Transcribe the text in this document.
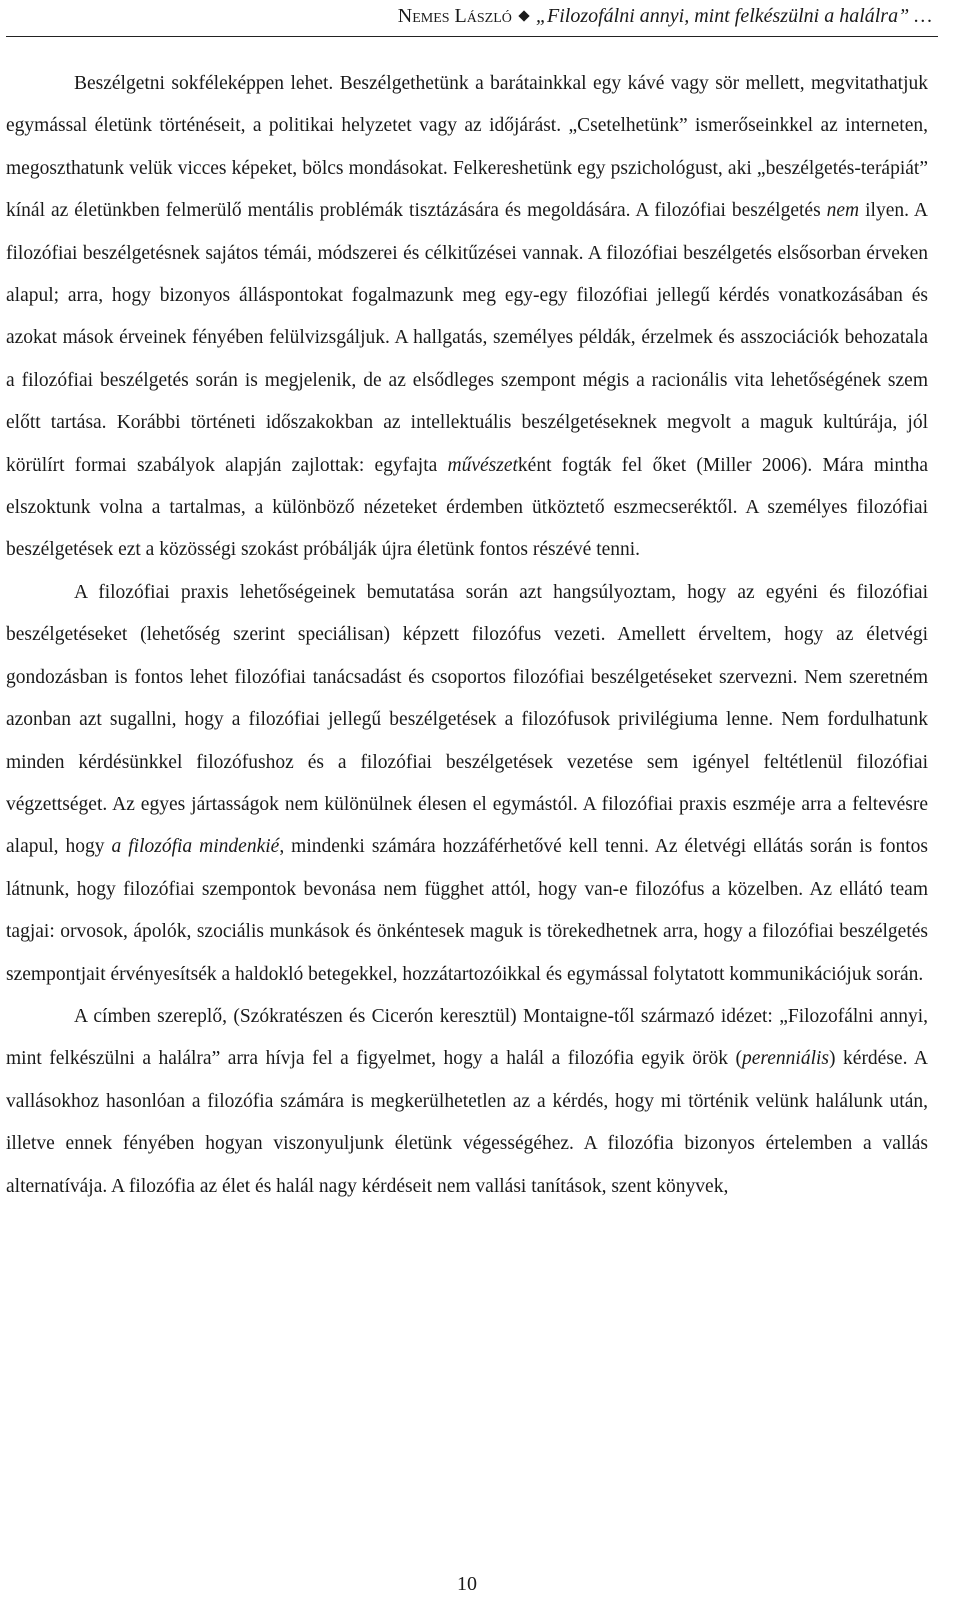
Nemes László „Filozofálni annyi, mint felkészülni a halálra” …

Beszélgetni sokféleképpen lehet. Beszélgethetünk a barátainkkal egy kávé vagy sör mellett, megvitathatjuk egymással életünk történéseit, a politikai helyzetet vagy az időjárást. „Csetelhetünk” ismerőseinkkel az interneten, megoszthatunk velük vicces képeket, bölcs mondásokat. Felkereshetünk egy pszichológust, aki „beszélgetés-terápiát” kínál az életünkben felmerülő mentális problémák tisztázására és megoldására. A filozófiai beszélgetés nem ilyen. A filozófiai beszélgetésnek sajátos témái, módszerei és célkitűzései vannak. A filozófiai beszélgetés elsősorban érveken alapul; arra, hogy bizonyos álláspontokat fogalmazunk meg egy-egy filozófiai jellegű kérdés vonatkozásában és azokat mások érveinek fényében felülvizsgáljuk. A hallgatás, személyes példák, érzelmek és asszociációk behozatala a filozófiai beszélgetés során is megjelenik, de az elsődleges szempont mégis a racionális vita lehetőségének szem előtt tartása. Korábbi történeti időszakokban az intellektuális beszélgetéseknek megvolt a maguk kultúrája, jól körülírt formai szabályok alapján zajlottak: egyfajta művészetként fogták fel őket (Miller 2006). Mára mintha elszoktunk volna a tartalmas, a különböző nézeteket érdemben ütköztető eszmecseréktől. A személyes filozófiai beszélgetések ezt a közösségi szokást próbálják újra életünk fontos részévé tenni.

A filozófiai praxis lehetőségeinek bemutatása során azt hangsúlyoztam, hogy az egyéni és filozófiai beszélgetéseket (lehetőség szerint speciálisan) képzett filozófus vezeti. Amellett érveltem, hogy az életvégi gondozásban is fontos lehet filozófiai tanácsadást és csoportos filozófiai beszélgetéseket szervezni. Nem szeretném azonban azt sugallni, hogy a filozófiai jellegű beszélgetések a filozófusok privilégiuma lenne. Nem fordulhatunk minden kérdésünkkel filozófushoz és a filozófiai beszélgetések vezetése sem igényel feltétlenül filozófiai végzettséget. Az egyes jártasságok nem különülnek élesen el egymástól. A filozófiai praxis eszméje arra a feltevésre alapul, hogy a filozófia mindenkié, mindenki számára hozzáférhetővé kell tenni. Az életvégi ellátás során is fontos látnunk, hogy filozófiai szempontok bevonása nem függhet attól, hogy van-e filozófus a közelben. Az ellátó team tagjai: orvosok, ápolók, szociális munkások és önkéntesek maguk is törekedhetnek arra, hogy a filozófiai beszélgetés szempontjait érvényesítsék a haldokló betegekkel, hozzátartozóikkal és egymással folytatott kommunikációjuk során.

A címben szereplő, (Szókratészen és Cicerón keresztül) Montaigne-től származó idézet: „Filozofálni annyi, mint felkészülni a halálra” arra hívja fel a figyelmet, hogy a halál a filozófia egyik örök (perenniális) kérdése. A vallásokhoz hasonlóan a filozófia számára is megkerülhetetlen az a kérdés, hogy mi történik velünk halálunk után, illetve ennek fényében hogyan viszonyuljunk életünk végességéhez. A filozófia bizonyos értelemben a vallás alternatívája. A filozófia az élet és halál nagy kérdéseit nem vallási tanítások, szent könyvek,

10
